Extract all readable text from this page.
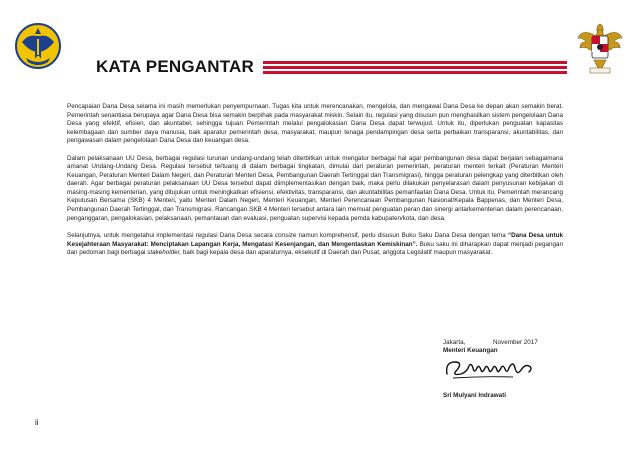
KATA PENGANTAR

Pencapaian Dana Desa selama ini masih memerlukan penyempurnaan. Tugas kita untuk merencanakan, mengelola, dan mengawal Dana Desa ke depan akan semakin berat. Pemerintah senantiasa berupaya agar Dana Desa bisa semakin berpihak pada masyarakat miskin. Selain itu, regulasi yang disusun pun menghasilkan sistem pengelolaan Dana Desa yang efektif, efisien, dan akuntabel, sehingga tujuan Pemerintah melalui pengalokasian Dana Desa dapat terwujud. Untuk itu, diperlukan penguatan kapasitas kelembagaan dan sumber daya manusia, baik aparatur pemerintah desa, masyarakat, maupun tenaga pendampingan desa serta perbaikan transparansi, akuntabilitas, dan pengawasan dalam pengelolaan Dana Desa dan keuangan desa.

Dalam pelaksanaan UU Desa, berbagai regulasi turunan undang-undang telah diterbitkan untuk mengatur berbagai hal agar pembangunan desa dapat berjalan sebagaimana amanat Undang-Undang Desa. Regulasi tersebut tertuang di dalam berbagai tingkatan, dimulai dari peraturan pemerintah, peraturan menteri terkait (Peraturan Menteri Keuangan, Peraturan Menteri Dalam Negeri, dan Peraturan Menteri Desa, Pembangunan Daerah Tertinggal dan Transmigrasi), hingga peraturan pelengkap yang diterbitkan oleh daerah. Agar berbagai peraturan pelaksanaan UU Desa tersebut dapat diimplementasikan dengan baik, maka perlu dilakukan penyelarasan dalam penyusunan kebijakan di masing-masing kementerian, yang ditujukan untuk meningkatkan efisiensi, efektivitas, transparansi, dan akuntabilitas pemanfaatan Dana Desa. Untuk itu, Pemerintah merancang Keputusan Bersama (SKB) 4 Menteri, yaitu Menteri Dalam Negeri, Menteri Keuangan, Menteri Perencanaan Pembangunan Nasional/Kepala Bappenas, dan Menteri Desa, Pembangunan Daerah Tertinggal, dan Transmigrasi. Rancangan SKB 4 Menteri tersebut antara lain memuat penguatan peran dan sinergi antarkementerian dalam perencanaan, penganggaran, pengalokasian, pelaksanaan, pemantauan dan evaluasi, penguatan supervisi kepada pemda kabupaten/kota, dan desa.

Selanjutnya, untuk mengetahui implementasi regulasi Dana Desa secara consize namun komprehensif, perlu disusun Buku Saku Dana Desa dengan tema “Dana Desa untuk Kesejahteraan Masyarakat: Menciptakan Lapangan Kerja, Mengatasi Kesenjangan, dan Mengentaskan Kemiskinan”. Buku saku ini diharapkan dapat menjadi pegangan dan pedoman bagi berbagai stakeholder, baik bagi kepala desa dan aparaturnya, eksekutif di Daerah dan Pusat, anggota Legislatif maupun masyarakat.

Jakarta,	November 2017
Menteri Keuangan
Sri Mulyani Indrawati
ii
